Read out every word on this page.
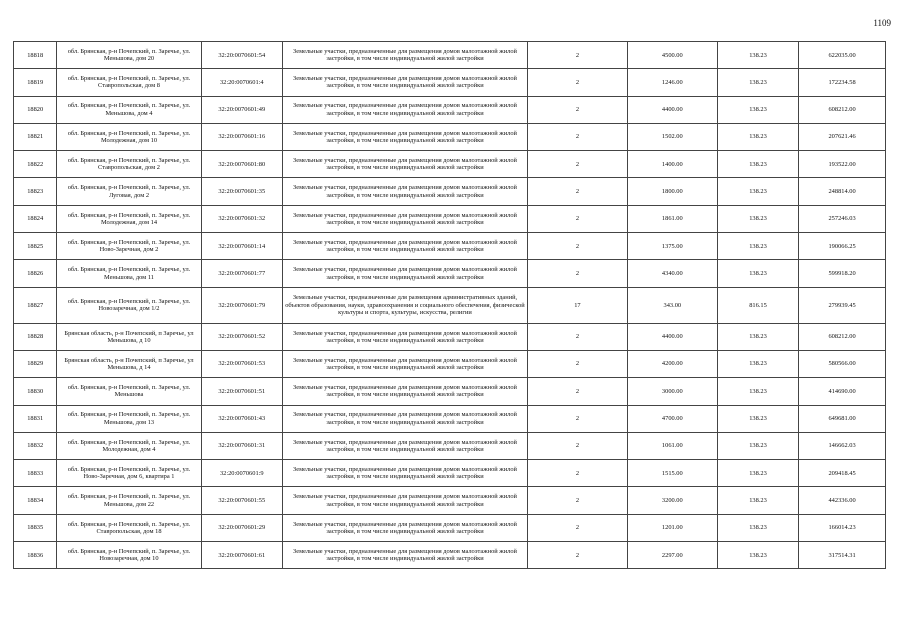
1109
18818	обл. Брянская, р-н Почепский, п. Заречье, ул. Меньшова, дом 20	32:20:0070601:54	Земельные участки, предназначенные для размещения домов малоэтажной жилой застройки, в том числе индивидуальной жилой застройки	2	4500.00	138.23	622035.00
18819	обл. Брянская, р-н Почепский, п. Заречье, ул. Ставропольская, дом 8	32:20:0070601:4	Земельные участки, предназначенные для размещения домов малоэтажной жилой застройки, в том числе индивидуальной жилой застройки	2	1246.00	138.23	172234.58
18820	обл. Брянская, р-н Почепский, п. Заречье, ул. Меньшова, дом 4	32:20:0070601:49	Земельные участки, предназначенные для размещения домов малоэтажной жилой застройки, в том числе индивидуальной жилой застройки	2	4400.00	138.23	608212.00
18821	обл. Брянская, р-н Почепский, п. Заречье, ул. Молодежная, дом 10	32:20:0070601:16	Земельные участки, предназначенные для размещения домов малоэтажной жилой застройки, в том числе индивидуальной жилой застройки	2	1502.00	138.23	207621.46
18822	обл. Брянская, р-н Почепский, п. Заречье, ул. Ставропольская, дом 2	32:20:0070601:80	Земельные участки, предназначенные для размещения домов малоэтажной жилой застройки, в том числе индивидуальной жилой застройки	2	1400.00	138.23	193522.00
18823	обл. Брянская, р-н Почепский, п. Заречье, ул. Луговая, дом 2	32:20:0070601:35	Земельные участки, предназначенные для размещения домов малоэтажной жилой застройки, в том числе индивидуальной жилой застройки	2	1800.00	138.23	248814.00
18824	обл. Брянская, р-н Почепский, п. Заречье, ул. Молодежная, дом 14	32:20:0070601:32	Земельные участки, предназначенные для размещения домов малоэтажной жилой застройки, в том числе индивидуальной жилой застройки	2	1861.00	138.23	257246.03
18825	обл. Брянская, р-н Почепский, п. Заречье, ул. Ново-Заречная, дом 2	32:20:0070601:14	Земельные участки, предназначенные для размещения домов малоэтажной жилой застройки, в том числе индивидуальной жилой застройки	2	1375.00	138.23	190066.25
18826	обл. Брянская, р-н Почепский, п. Заречье, ул. Меньшова, дом 11	32:20:0070601:77	Земельные участки, предназначенные для размещения домов малоэтажной жилой застройки, в том числе индивидуальной жилой застройки	2	4340.00	138.23	599918.20
18827	обл. Брянская, р-н Почепский, п. Заречье, ул. Новозаречная, дом 1/2	32:20:0070601:79	Земельные участки, предназначенные для размещения административных зданий, объектов образования, науки, здравоохранения и социального обеспечения, физической культуры и спорта, культуры, искусства, религии	17	343.00	816.15	279939.45
18828	Брянская область, р-н Почепский, п Заречье, ул Меньшова, д 10	32:20:0070601:52	Земельные участки, предназначенные для размещения домов малоэтажной жилой застройки, в том числе индивидуальной жилой застройки	2	4400.00	138.23	608212.00
18829	Брянская область, р-н Почепский, п Заречье, ул Меньшова, д 14	32:20:0070601:53	Земельные участки, предназначенные для размещения домов малоэтажной жилой застройки, в том числе индивидуальной жилой застройки	2	4200.00	138.23	580566.00
18830	обл. Брянская, р-н Почепский, п. Заречье, ул. Меньшова	32:20:0070601:51	Земельные участки, предназначенные для размещения домов малоэтажной жилой застройки, в том числе индивидуальной жилой застройки	2	3000.00	138.23	414690.00
18831	обл. Брянская, р-н Почепский, п. Заречье, ул. Меньшова, дом 13	32:20:0070601:43	Земельные участки, предназначенные для размещения домов малоэтажной жилой застройки, в том числе индивидуальной жилой застройки	2	4700.00	138.23	649681.00
18832	обл. Брянская, р-н Почепский, п. Заречье, ул. Молодежная, дом 4	32:20:0070601:31	Земельные участки, предназначенные для размещения домов малоэтажной жилой застройки, в том числе индивидуальной жилой застройки	2	1061.00	138.23	146662.03
18833	обл. Брянская, р-н Почепский, п. Заречье, ул. Ново-Заречная, дом 6, квартира 1	32:20:0070601:9	Земельные участки, предназначенные для размещения домов малоэтажной жилой застройки, в том числе индивидуальной жилой застройки	2	1515.00	138.23	209418.45
18834	обл. Брянская, р-н Почепский, п. Заречье, ул. Меньшова, дом 22	32:20:0070601:55	Земельные участки, предназначенные для размещения домов малоэтажной жилой застройки, в том числе индивидуальной жилой застройки	2	3200.00	138.23	442336.00
18835	обл. Брянская, р-н Почепский, п. Заречье, ул. Ставропольская, дом 18	32:20:0070601:29	Земельные участки, предназначенные для размещения домов малоэтажной жилой застройки, в том числе индивидуальной жилой застройки	2	1201.00	138.23	166014.23
18836	обл. Брянская, р-н Почепский, п. Заречье, ул. Новозаречная, дом 10	32:20:0070601:61	Земельные участки, предназначенные для размещения домов малоэтажной жилой застройки, в том числе индивидуальной жилой застройки	2	2297.00	138.23	317514.31
